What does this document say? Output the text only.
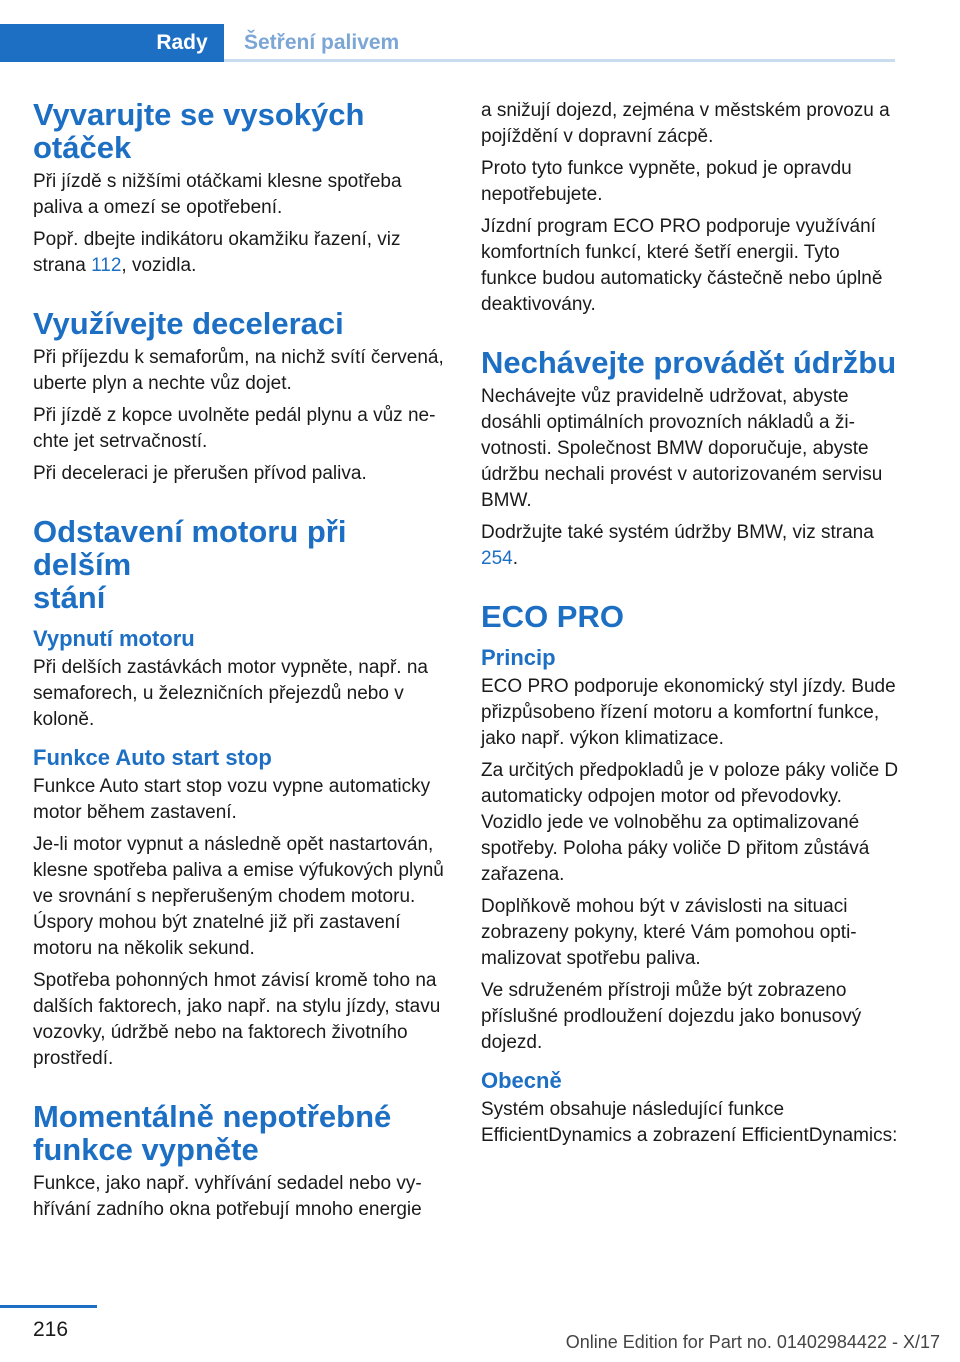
Rady	Šetření palivem
Vyvarujte se vysokých
otáček

Při jízdě s nižšími otáčkami klesne spotřeba paliva a omezí se opotřebení.

Popř. dbejte indikátoru okamžiku řazení, viz strana 112, vozidla.

Využívejte deceleraci

Při příjezdu k semaforům, na nichž svítí červená, uberte plyn a nechte vůz dojet.

Při jízdě z kopce uvolněte pedál plynu a vůz nechte jet setrvačností.

Při deceleraci je přerušen přívod paliva.

Odstavení motoru při delším
stání
Vypnutí motoru

Při delších zastávkách motor vypněte, např. na semaforech, u železničních přejezdů nebo v koloně.

Funkce Auto start stop

Funkce Auto start stop vozu vypne automaticky motor během zastavení.

Je-li motor vypnut a následně opět nastartován, klesne spotřeba paliva a emise výfukových plynů ve srovnání s nepřerušeným chodem motoru. Úspory mohou být znatelné již při zastavení motoru na několik sekund.

Spotřeba pohonných hmot závisí kromě toho na dalších faktorech, jako např. na stylu jízdy, stavu vozovky, údržbě nebo na faktorech životního prostředí.

Momentálně nepotřebné
funkce vypněte

Funkce, jako např. vyhřívání sedadel nebo vyhřívání zadního okna potřebují mnoho energie

a snižují dojezd, zejména v městském provozu a pojíždění v dopravní zácpě.

Proto tyto funkce vypněte, pokud je opravdu nepotřebujete.

Jízdní program ECO PRO podporuje využívání komfortních funkcí, které šetří energii. Tyto funkce budou automaticky částečně nebo úplně deaktivovány.

Nechávejte provádět údržbu

Nechávejte vůz pravidelně udržovat, abyste dosáhli optimálních provozních nákladů a životnosti. Společnost BMW doporučuje, abyste údržbu nechali provést v autorizovaném servisu BMW.

Dodržujte také systém údržby BMW, viz strana 254.

ECO PRO
Princip

ECO PRO podporuje ekonomický styl jízdy. Bude přizpůsobeno řízení motoru a komfortní funkce, jako např. výkon klimatizace.

Za určitých předpokladů je v poloze páky voliče D automaticky odpojen motor od převodovky. Vozidlo jede ve volnoběhu za optimalizované spotřeby. Poloha páky voliče D přitom zůstává zařazena.

Doplňkově mohou být v závislosti na situaci zobrazeny pokyny, které Vám pomohou optimalizovat spotřebu paliva.

Ve sdruženém přístroji může být zobrazeno příslušné prodloužení dojezdu jako bonusový dojezd.

Obecně

Systém obsahuje následující funkce EfficientDynamics a zobrazení EfficientDynamics:

216
Online Edition for Part no. 01402984422 - X/17
